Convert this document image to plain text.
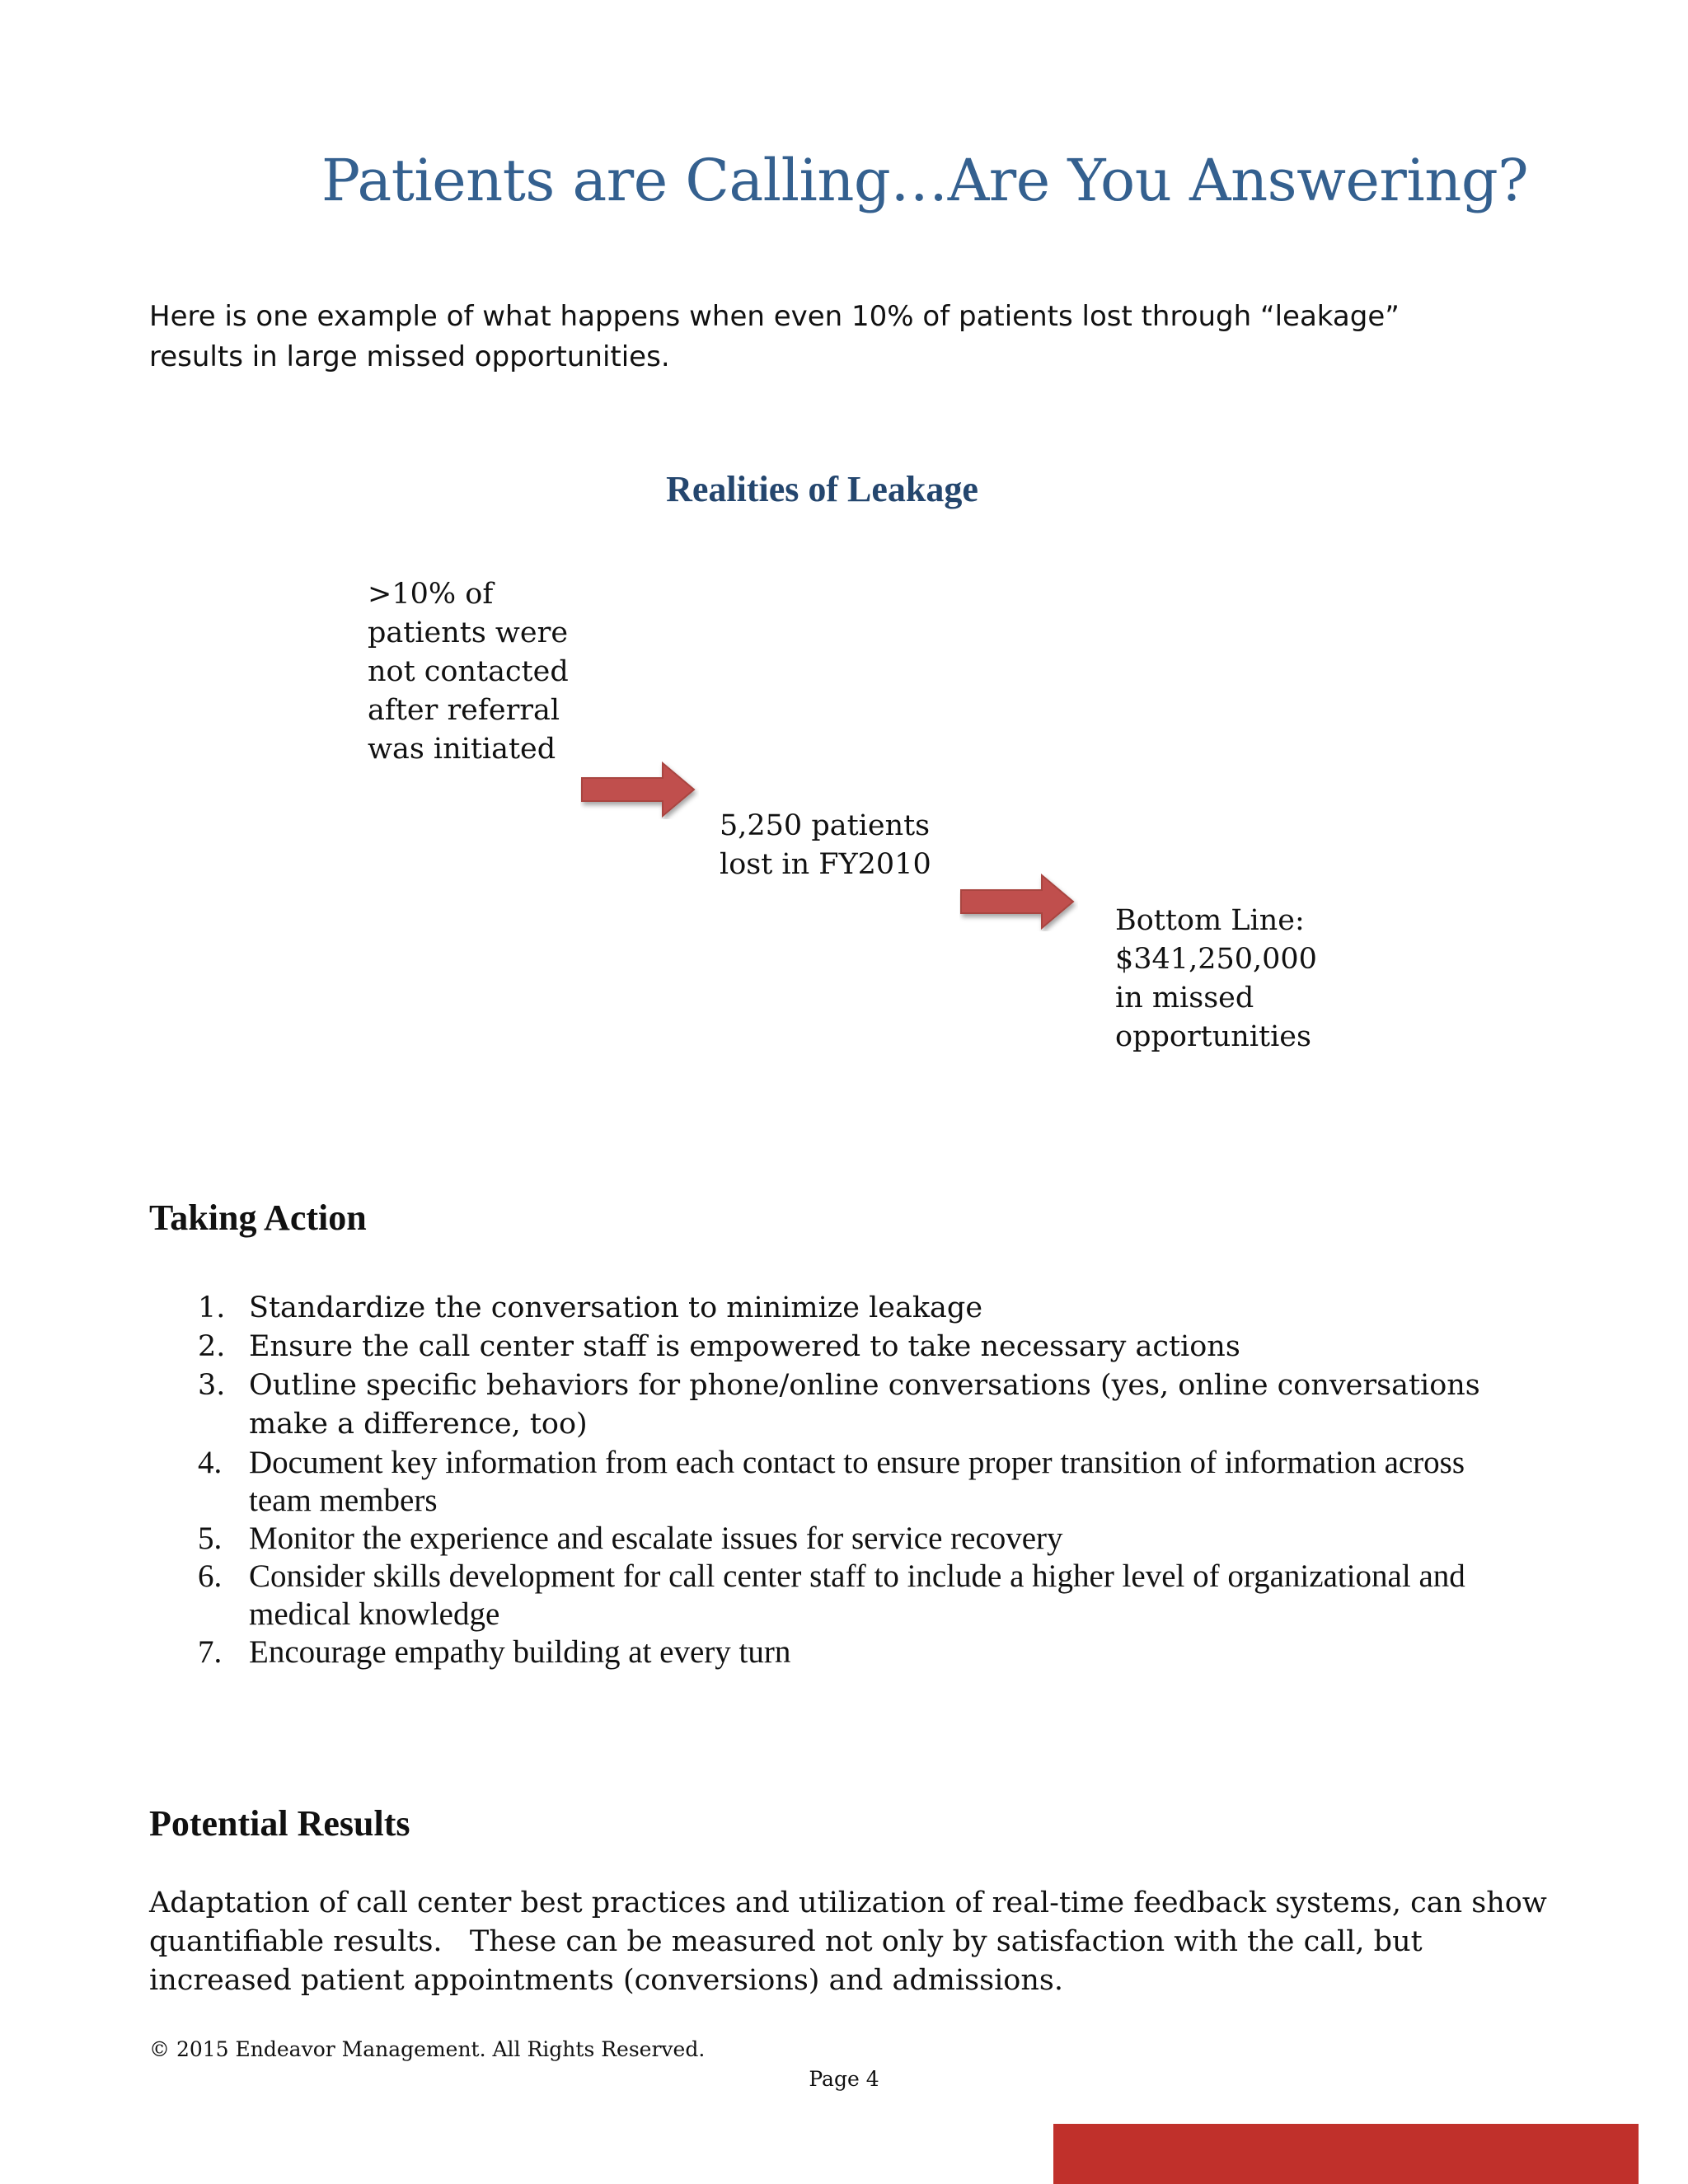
Patients are Calling…Are You Answering?
Here is one example of what happens when even 10% of patients lost through “leakage” results in large missed opportunities.
Realities of Leakage
>10% of
patients were
not contacted
after referral
was initiated
5,250 patients
lost in FY2010
Bottom Line:
$341,250,000
in missed
opportunities
Taking Action
1. Standardize the conversation to minimize leakage
2. Ensure the call center staff is empowered to take necessary actions
3. Outline specific behaviors for phone/online conversations (yes, online conversations make a difference, too)
4. Document key information from each contact to ensure proper transition of information across team members
5. Monitor the experience and escalate issues for service recovery
6. Consider skills development for call center staff to include a higher level of organizational and medical knowledge
7. Encourage empathy building at every turn
Potential Results
Adaptation of call center best practices and utilization of real-time feedback systems, can show
quantifiable results.   These can be measured not only by satisfaction with the call, but
increased patient appointments (conversions) and admissions.
© 2015 Endeavor Management. All Rights Reserved.
Page 4
